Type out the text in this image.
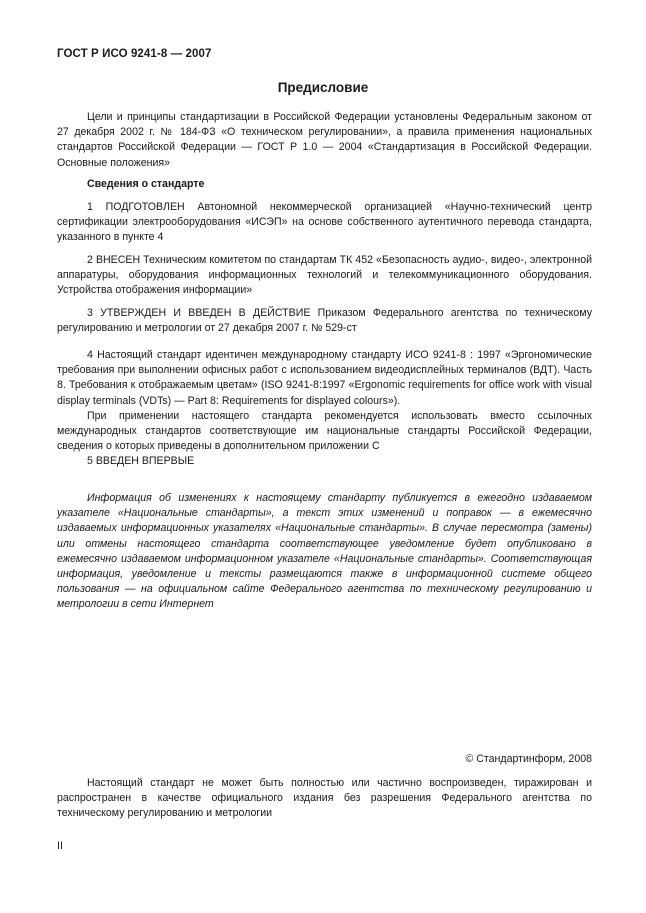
ГОСТ Р ИСО 9241-8 — 2007
Предисловие

Цели и принципы стандартизации в Российской Федерации установлены Федеральным законом от 27 декабря 2002 г. № 184-ФЗ «О техническом регулировании», а правила применения национальных стандартов Российской Федерации — ГОСТ Р 1.0 — 2004 «Стандартизация в Российской Федерации. Основные положения»

Сведения о стандарте

1 ПОДГОТОВЛЕН Автономной некоммерческой организацией «Научно-технический центр сертификации электрооборудования «ИСЭП» на основе собственного аутентичного перевода стандарта, указанного в пункте 4

2 ВНЕСЕН Техническим комитетом по стандартам ТК 452 «Безопасность аудио-, видео-, электронной аппаратуры, оборудования информационных технологий и телекоммуникационного оборудования. Устройства отображения информации»

3 УТВЕРЖДЕН И ВВЕДЕН В ДЕЙСТВИЕ Приказом Федерального агентства по техническому регулированию и метрологии от 27 декабря 2007 г. № 529-ст

4 Настоящий стандарт идентичен международному стандарту ИСО 9241-8 : 1997 «Эргономические требования при выполнении офисных работ с использованием видеодисплейных терминалов (ВДТ). Часть 8. Требования к отображаемым цветам» (ISO 9241-8:1997 «Ergonomic requirements for office work with visual display terminals (VDTs) — Part 8: Requirements for displayed colours»).

При применении настоящего стандарта рекомендуется использовать вместо ссылочных международных стандартов соответствующие им национальные стандарты Российской Федерации, сведения о которых приведены в дополнительном приложении С

5 ВВЕДЕН ВПЕРВЫЕ

Информация об изменениях к настоящему стандарту публикуется в ежегодно издаваемом указателе «Национальные стандарты», а текст этих изменений и поправок — в ежемесячно издаваемых информационных указателях «Национальные стандарты». В случае пересмотра (замены) или отмены настоящего стандарта соответствующее уведомление будет опубликовано в ежемесячно издаваемом информационном указателе «Национальные стандарты». Соответствующая информация, уведомление и тексты размещаются также в информационной системе общего пользования — на официальном сайте Федерального агентства по техническому регулированию и метрологии в сети Интернет

© Стандартинформ, 2008

Настоящий стандарт не может быть полностью или частично воспроизведен, тиражирован и распространен в качестве официального издания без разрешения Федерального агентства по техническому регулированию и метрологии

II
